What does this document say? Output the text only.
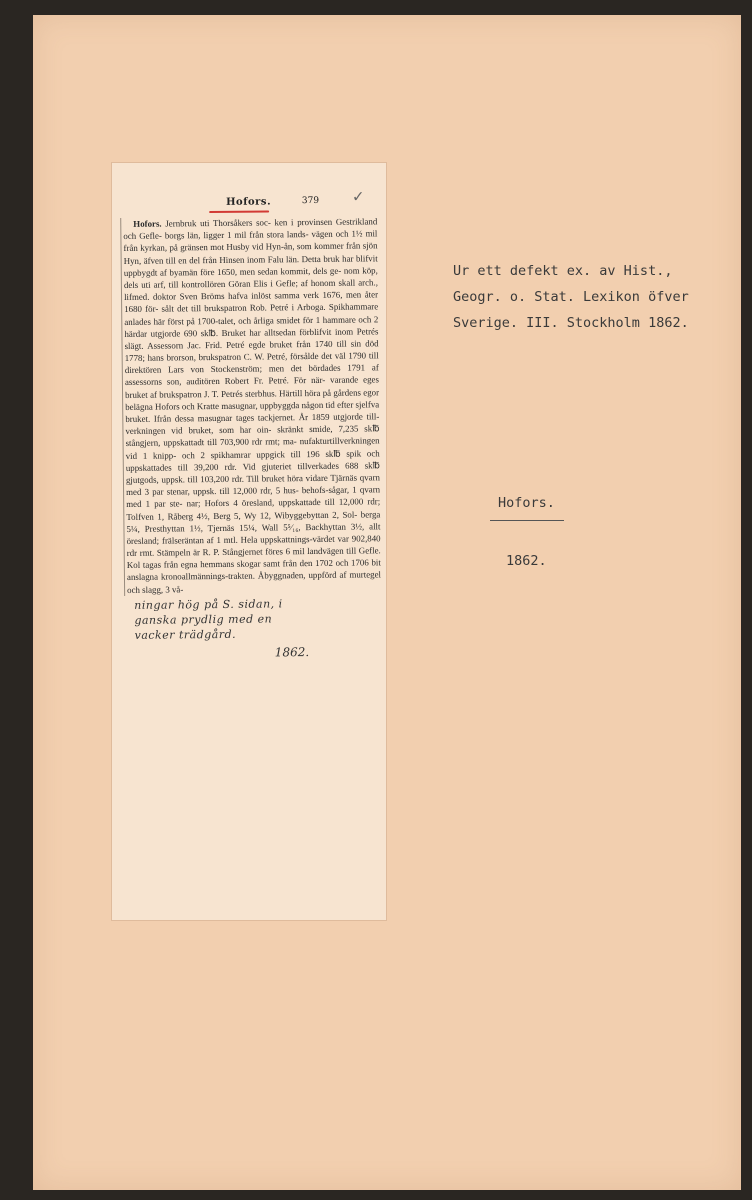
Hofors.	379 ✓
Hofors. Jernbruk uti Thorsåkers soc- ken i provinsen Gestrikland och Gefle- borgs län, ligger 1 mil från stora lands- vägen och 1½ mil från kyrkan, på gränsen mot Husby vid Hyn-ån, som kommer från sjön Hyn, äfven till en del från Hinsen inom Falu län. Detta bruk har blifvit uppbygdt af byamän före 1650, men sedan kommit, dels ge- nom köp, dels uti arf, till kontrollören Göran Elis i Gefle; af honom skall arch., lifmed. doktor Sven Bröms hafva inlöst samma verk 1676, men åter 1680 för- sålt det till brukspatron Rob. Petré i Arboga. Spikhammare anlades här först på 1700-talet, och årliga smidet för 1 hammare och 2 härdar utgjorde 690 sk℔. Bruket har alltsedan förblifvit inom Petrés slägt. Assessorn Jac. Frid. Petré egde bruket från 1740 till sin död 1778; hans brorson, brukspatron C. W. Petré, försålde det väl 1790 till direktören Lars von Stockenström; men det bördades 1791 af assessorns son, auditören Robert Fr. Petré. För när- varande eges bruket af brukspatron J. T. Petrés sterbhus. Härtill höra på gårdens egor belägna Hofors och Kratte masugnar, uppbyggda någon tid efter sjelfva bruket. Ifrån dessa masugnar tages tackjernet. År 1859 utgjorde till- verkningen vid bruket, som har oin- skränkt smide, 7,235 sk℔ stångjern, uppskattadt till 703,900 rdr rmt; ma- nufakturtillverkningen vid 1 knipp- och 2 spikhamrar uppgick till 196 sk℔ spik och uppskattades till 39,200 rdr. Vid gjuteriet tillverkades 688 sk℔ gjutgods, uppsk. till 103,200 rdr. Till bruket höra vidare Tjärnäs qvarn med 3 par stenar, uppsk. till 12,000 rdr, 5 hus- behofs-sågar, 1 qvarn med 1 par ste- nar; Hofors 4 öresland, uppskattade till 12,000 rdr; Tolfven 1, Råberg 4½, Berg 5, Wy 12, Wibyggebyttan 2, Sol- berga 5¼, Presthyttan 1½, Tjernäs 15¼, Wall 5⁵⁄₁₆, Backhyttan 3½, allt öresland; frälseräntan af 1 mtl. Hela uppskattnings-värdet var 902,840 rdr rmt. Stämpeln är R. P. Stångjernet föres 6 mil landvägen till Gefle. Kol tagas från egna hemmans skogar samt från den 1702 och 1706 bit anslagna kronoallmännings-trakten. Åbyggnaden, uppförd af murtegel och slagg, 3 vå-
ningar hög på S. sidan, i
ganska prydlig med en
vacker trädgård.
1862.
Ur ett defekt ex. av Hist.,
Geogr. o. Stat. Lexikon öfver
Sverige. III. Stockholm 1862.
Hofors.
1862.
